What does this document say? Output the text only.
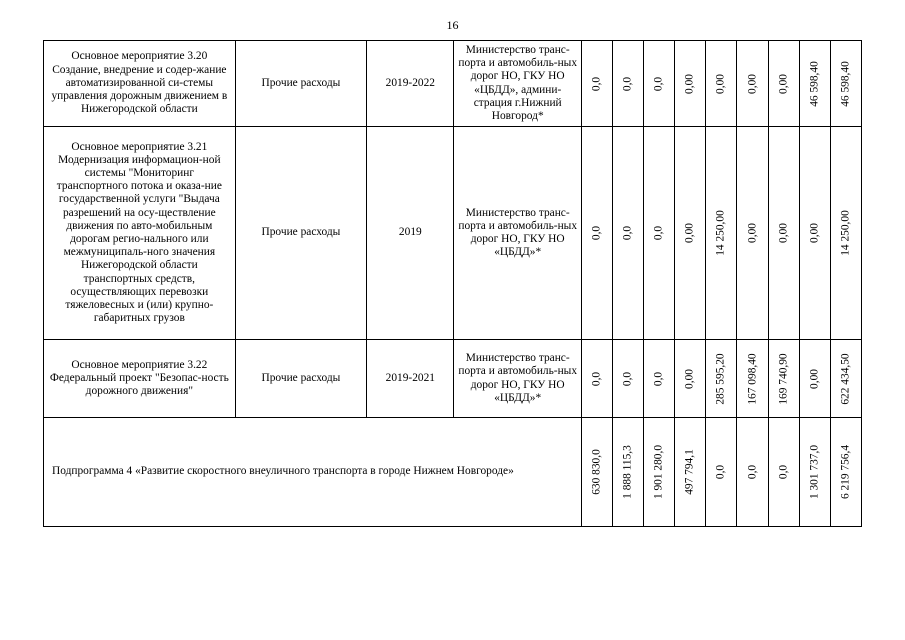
16
Основное мероприятие 3.20 Создание, внедрение и содер-жание автоматизированной си-стемы управления дорожным движением в Нижегородской области	Прочие расходы	2019-2022	Министерство транс-порта и автомобиль-ных дорог НО, ГКУ НО «ЦБДД», админи-страция г.Нижний Новгород*	0,0	0,0	0,0	0,00	0,00	0,00	0,00	46 598,40	46 598,40

Основное мероприятие 3.21 Модернизация информацион-ной системы "Мониторинг транспортного потока и оказа-ние государственной услуги "Выдача разрешений на осу-ществление движения по авто-мобильным дорогам регио-нального или межмуниципаль-ного значения Нижегородской области транспортных средств, осуществляющих перевозки тяжеловесных и (или) крупно-габаритных грузов	Прочие расходы	2019	Министерство транс-порта и автомобиль-ных дорог НО, ГКУ НО «ЦБДД»*	0,0	0,0	0,0	0,00	14 250,00	0,00	0,00	0,00	14 250,00

Основное мероприятие 3.22 Федеральный проект "Безопас-ность дорожного движения"	Прочие расходы	2019-2021	Министерство транс-порта и автомобиль-ных дорог НО, ГКУ НО «ЦБДД»*	0,0	0,0	0,0	0,00	285 595,20	167 098,40	169 740,90	0,00	622 434,50

Подпрограмма 4 «Развитие скоростного внеуличного транспорта в городе Нижнем Новгороде»				630 830,0	1 888 115,3	1 901 280,0	497 794,1	0,0	0,0	0,0	1 301 737,0	6 219 756,4
